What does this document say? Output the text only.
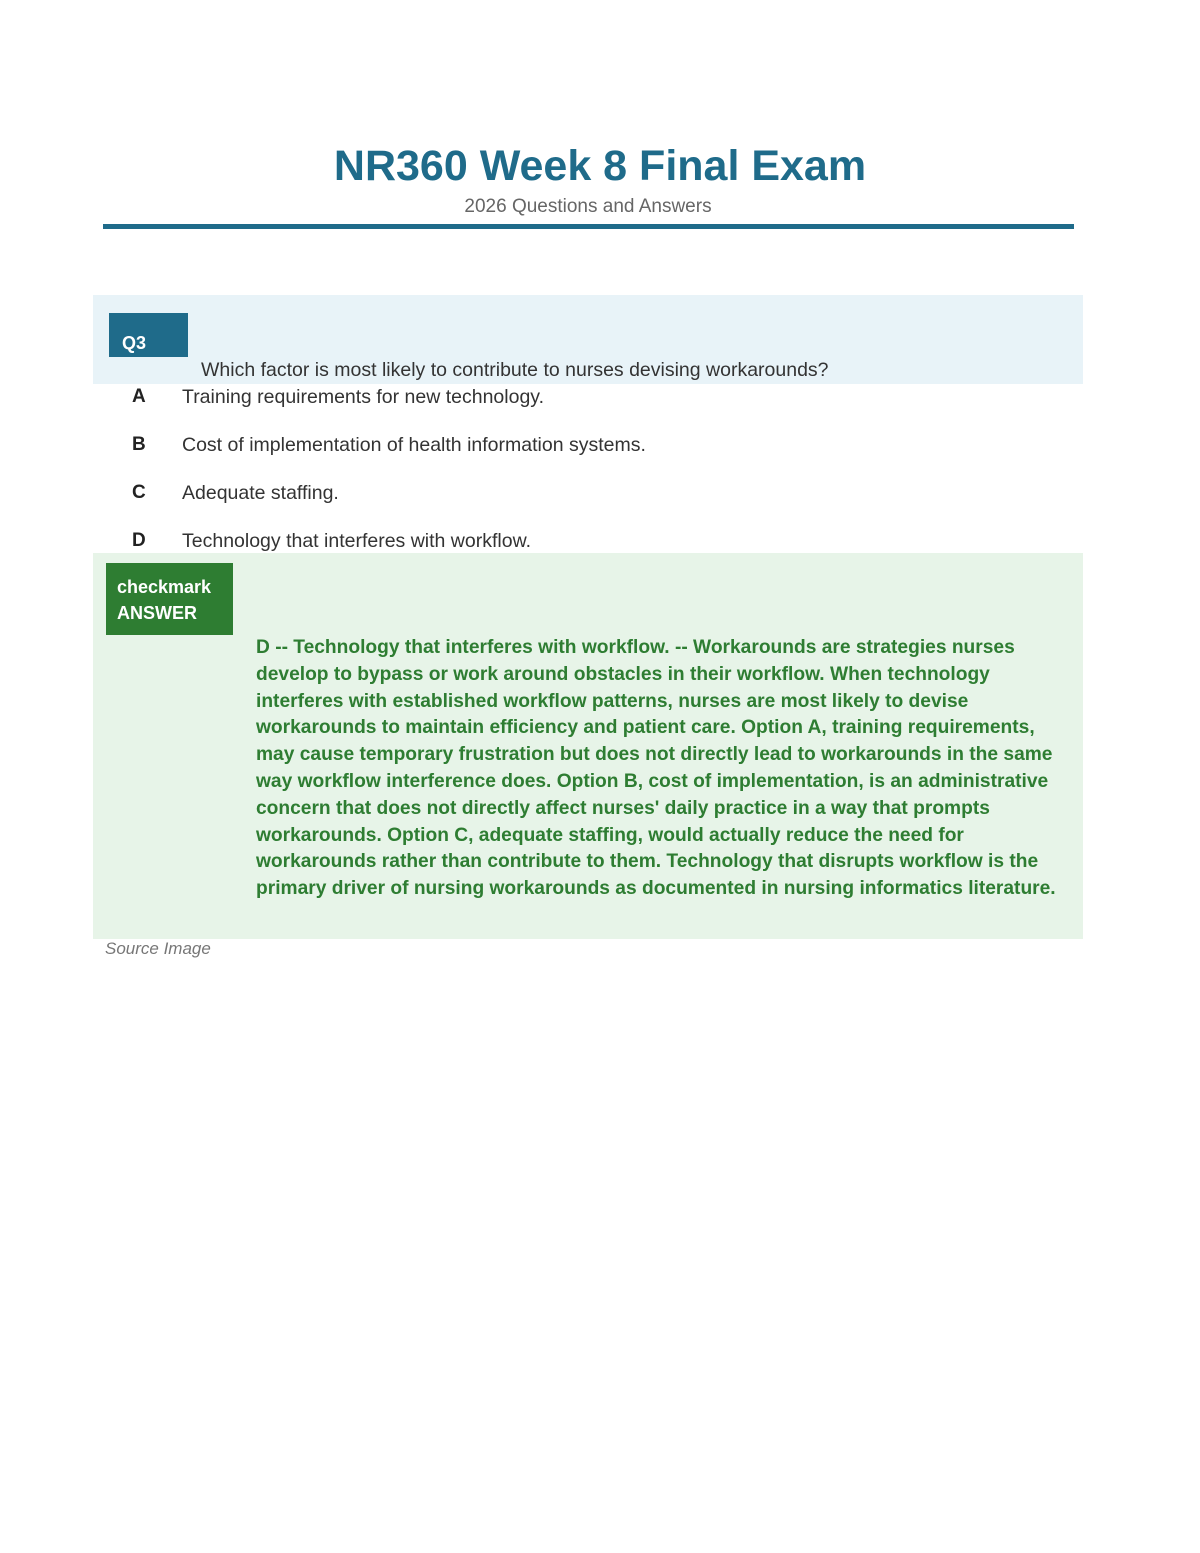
NR360 Week 8 Final Exam
2026 Questions and Answers
Q3
Which factor is most likely to contribute to nurses devising workarounds?
A Training requirements for new technology.
B Cost of implementation of health information systems.
C Adequate staffing.
D Technology that interferes with workflow.
checkmark
ANSWER

D -- Technology that interferes with workflow. -- Workarounds are strategies nurses develop to bypass or work around obstacles in their workflow. When technology interferes with established workflow patterns, nurses are most likely to devise workarounds to maintain efficiency and patient care. Option A, training requirements, may cause temporary frustration but does not directly lead to workarounds in the same way workflow interference does. Option B, cost of implementation, is an administrative concern that does not directly affect nurses' daily practice in a way that prompts workarounds. Option C, adequate staffing, would actually reduce the need for workarounds rather than contribute to them. Technology that disrupts workflow is the primary driver of nursing workarounds as documented in nursing informatics literature.

Source Image
